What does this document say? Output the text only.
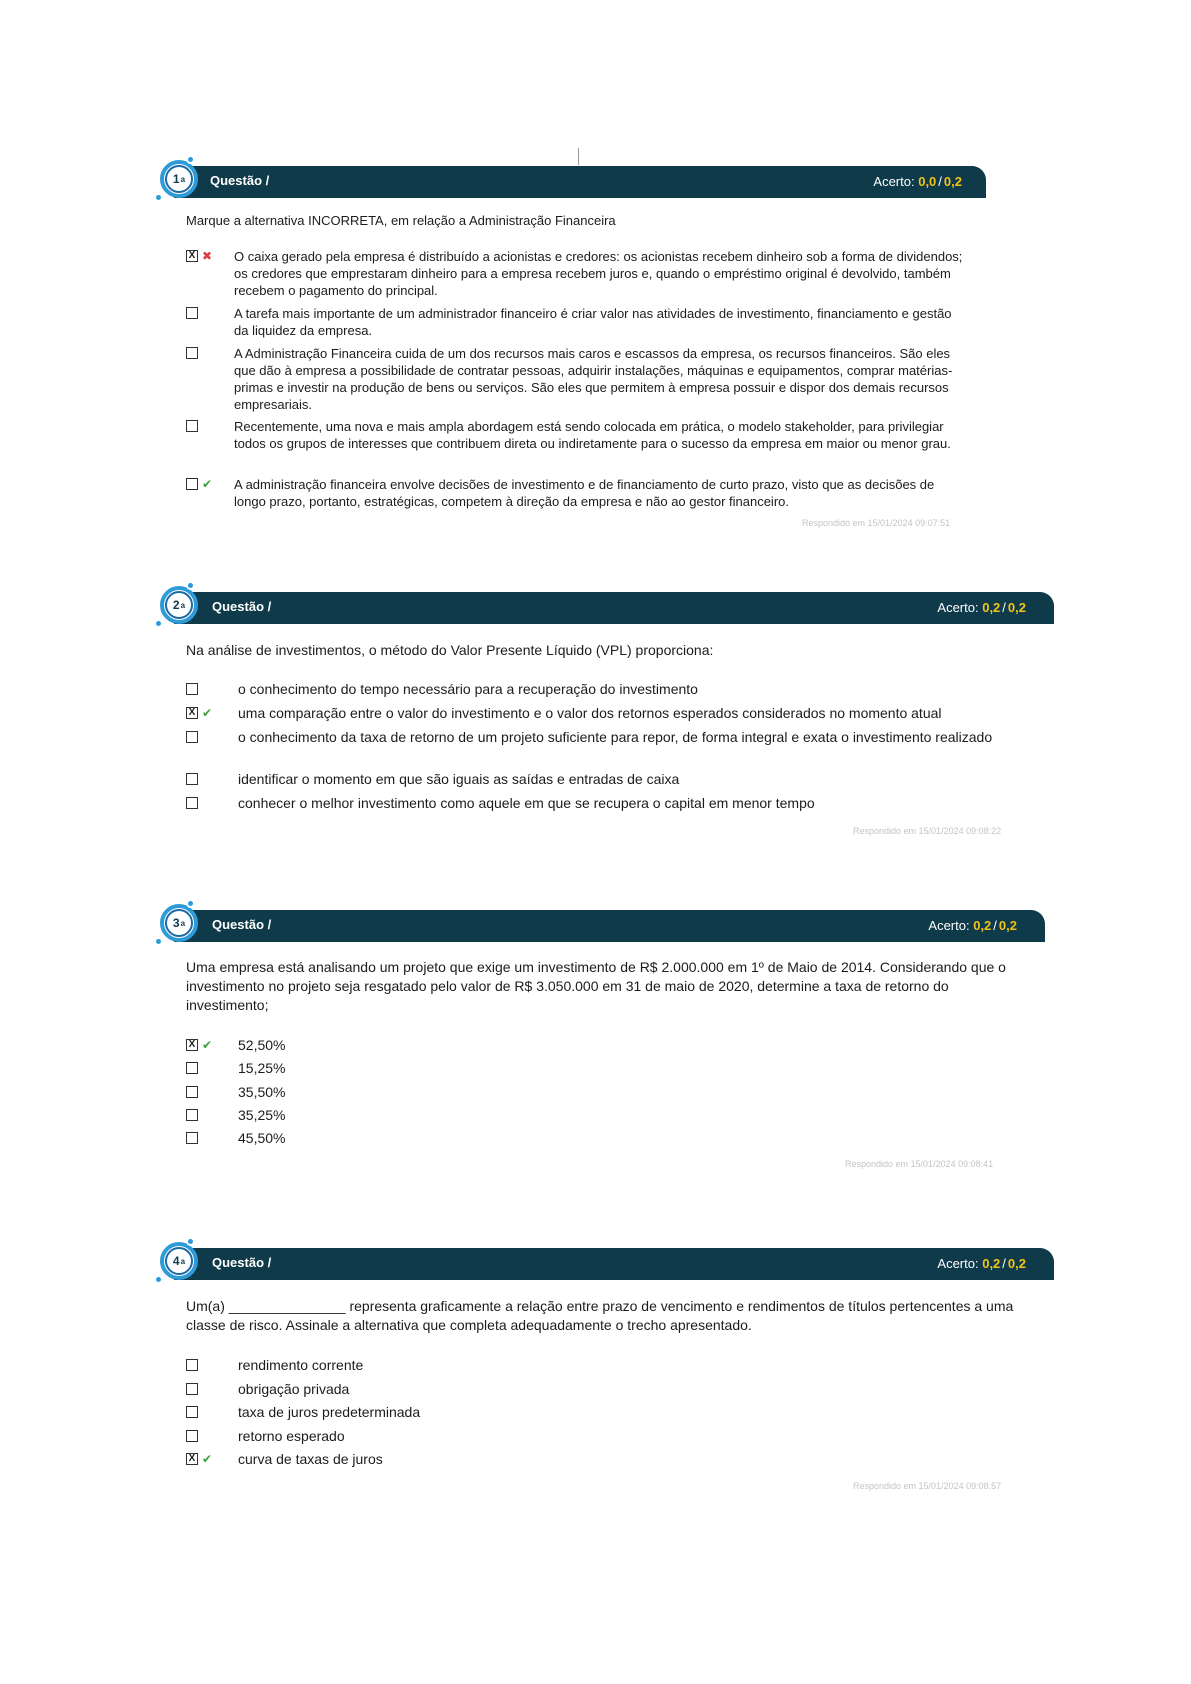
Questão /	Acerto: 0,0 / 0,2
1 a
Marque a alternativa INCORRETA, em relação a Administração Financeira
X ✖ O caixa gerado pela empresa é distribuído a acionistas e credores: os acionistas recebem dinheiro sob a forma de dividendos; os credores que emprestaram dinheiro para a empresa recebem juros e, quando o empréstimo original é devolvido, também recebem o pagamento do principal.
A tarefa mais importante de um administrador financeiro é criar valor nas atividades de investimento, financiamento e gestão da liquidez da empresa.
A Administração Financeira cuida de um dos recursos mais caros e escassos da empresa, os recursos financeiros. São eles que dão à empresa a possibilidade de contratar pessoas, adquirir instalações, máquinas e equipamentos, comprar matérias-primas e investir na produção de bens ou serviços. São eles que permitem à empresa possuir e dispor dos demais recursos empresariais.
Recentemente, uma nova e mais ampla abordagem está sendo colocada em prática, o modelo stakeholder, para privilegiar todos os grupos de interesses que contribuem direta ou indiretamente para o sucesso da empresa em maior ou menor grau.
✔ A administração financeira envolve decisões de investimento e de financiamento de curto prazo, visto que as decisões de longo prazo, portanto, estratégicas, competem à direção da empresa e não ao gestor financeiro.
Respondido em 15/01/2024 09:07:51
Questão /	Acerto: 0,2 / 0,2
2 a
Na análise de investimentos, o método do Valor Presente Líquido (VPL) proporciona:
o conhecimento do tempo necessário para a recuperação do investimento
X ✔ uma comparação entre o valor do investimento e o valor dos retornos esperados considerados no momento atual
o conhecimento da taxa de retorno de um projeto suficiente para repor, de forma integral e exata o investimento realizado
identificar o momento em que são iguais as saídas e entradas de caixa
conhecer o melhor investimento como aquele em que se recupera o capital em menor tempo
Respondido em 15/01/2024 09:08:22
Questão /	Acerto: 0,2 / 0,2
3 a
Uma empresa está analisando um projeto que exige um investimento de R$ 2.000.000 em 1º de Maio de 2014. Considerando que o investimento no projeto seja resgatado pelo valor de R$ 3.050.000 em 31 de maio de 2020, determine a taxa de retorno do investimento;
X ✔ 52,50%
15,25%
35,50%
35,25%
45,50%
Respondido em 15/01/2024 09:08:41
Questão /	Acerto: 0,2 / 0,2
4 a
Um(a) _______________ representa graficamente a relação entre prazo de vencimento e rendimentos de títulos pertencentes a uma classe de risco. Assinale a alternativa que completa adequadamente o trecho apresentado.
rendimento corrente
obrigação privada
taxa de juros predeterminada
retorno esperado
X ✔ curva de taxas de juros
Respondido em 15/01/2024 09:08:57
